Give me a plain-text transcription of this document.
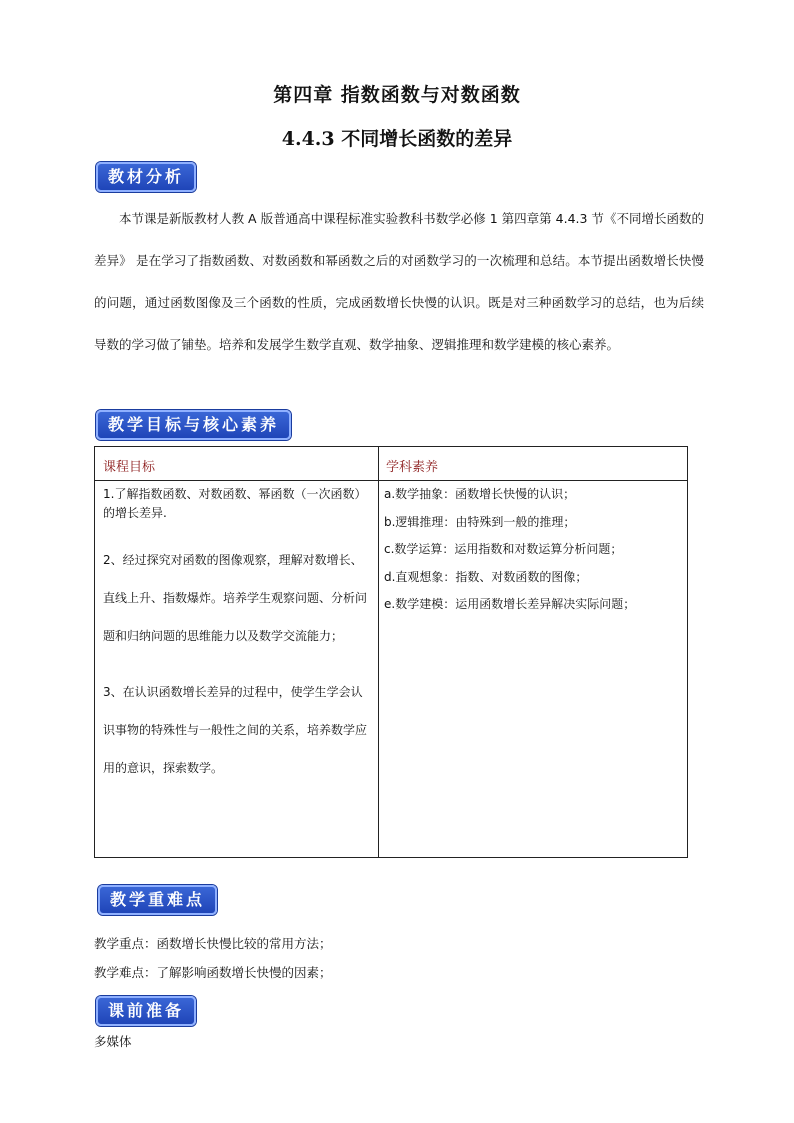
第四章 指数函数与对数函数
4.4.3 不同增长函数的差异
教材分析
本节课是新版教材人教 A 版普通高中课程标准实验教科书数学必修 1 第四章第 4.4.3 节《不同增长函数的差异》 是在学习了指数函数、对数函数和幂函数之后的对函数学习的一次梳理和总结。本节提出函数增长快慢的问题，通过函数图像及三个函数的性质，完成函数增长快慢的认识。既是对三种函数学习的总结，也为后续导数的学习做了铺垫。培养和发展学生数学直观、数学抽象、逻辑推理和数学建模的核心素养。
教学目标与核心素养
课程目标	学科素养

1.了解指数函数、对数函数、幂函数（一次函数）的增长差异.

2、经过探究对函数的图像观察，理解对数增长、直线上升、指数爆炸。培养学生观察问题、分析问题和归纳问题的思维能力以及数学交流能力；

3、在认识函数增长差异的过程中，使学生学会认识事物的特殊性与一般性之间的关系，培养数学应用的意识，探索数学。

a.数学抽象：函数增长快慢的认识；
b.逻辑推理：由特殊到一般的推理；
c.数学运算：运用指数和对数运算分析问题；
d.直观想象：指数、对数函数的图像；
e.数学建模：运用函数增长差异解决实际问题；
教学重难点
教学重点：函数增长快慢比较的常用方法；
教学难点：了解影响函数增长快慢的因素；
课前准备
多媒体
